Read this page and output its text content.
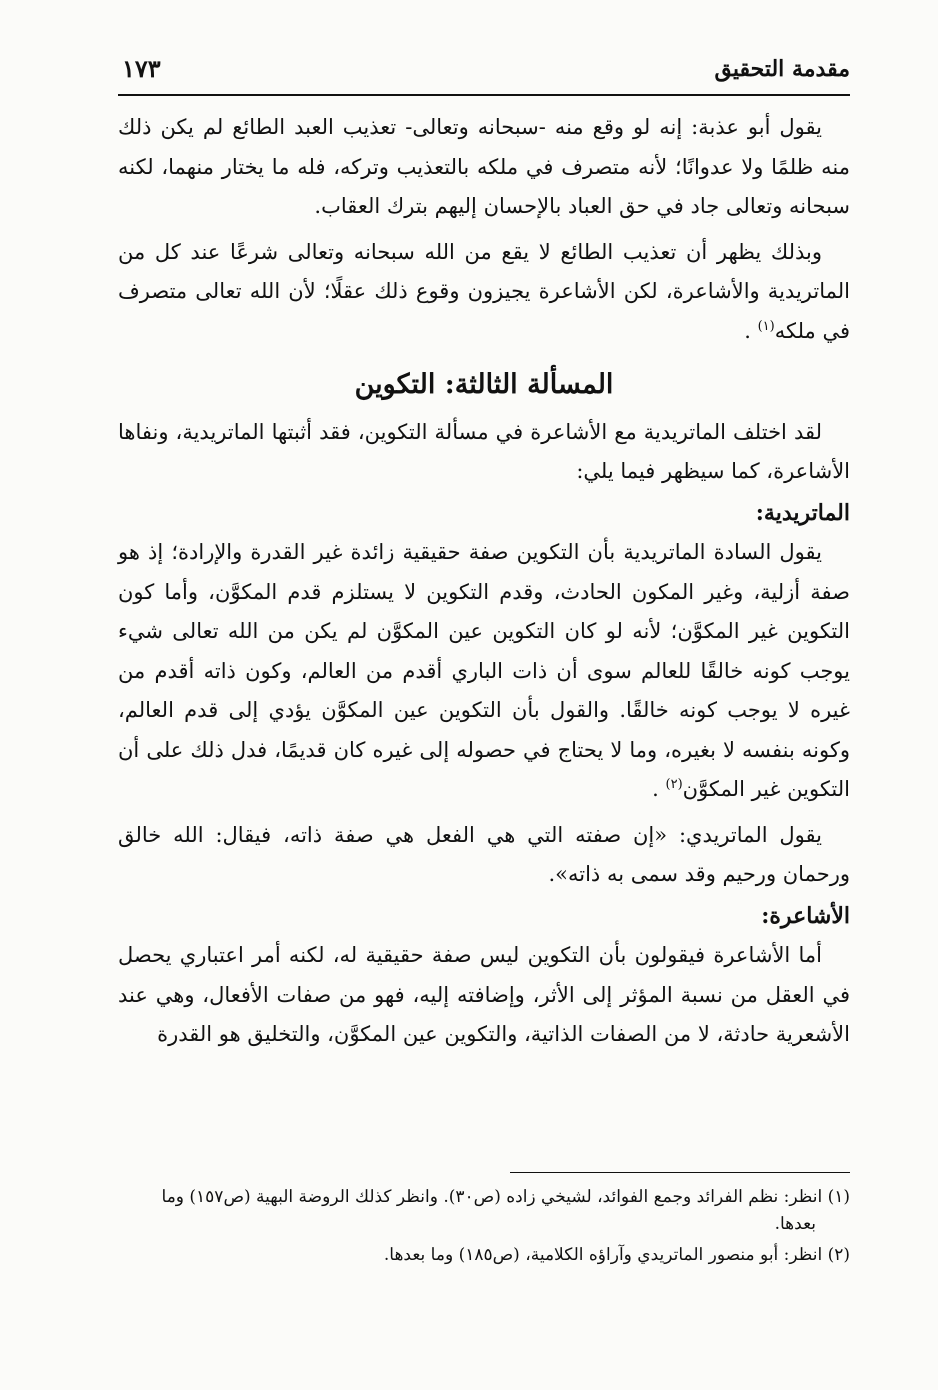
مقدمة التحقيق
١٧٣

يقول أبو عذبة: إنه لو وقع منه -سبحانه وتعالى- تعذيب العبد الطائع لم يكن ذلك منه ظلمًا ولا عدوانًا؛ لأنه متصرف في ملكه بالتعذيب وتركه، فله ما يختار منهما، لكنه سبحانه وتعالى جاد في حق العباد بالإحسان إليهم بترك العقاب.

وبذلك يظهر أن تعذيب الطائع لا يقع من الله سبحانه وتعالى شرعًا عند كل من الماتريدية والأشاعرة، لكن الأشاعرة يجيزون وقوع ذلك عقلًا؛ لأن الله تعالى متصرف في ملكه$^{(١)}$ .

المسألة الثالثة: التكوين

لقد اختلف الماتريدية مع الأشاعرة في مسألة التكوين، فقد أثبتها الماتريدية، ونفاها الأشاعرة، كما سيظهر فيما يلي:

الماتريدية:

يقول السادة الماتريدية بأن التكوين صفة حقيقية زائدة غير القدرة والإرادة؛ إذ هو صفة أزلية، وغير المكون الحادث، وقدم التكوين لا يستلزم قدم المكوَّن، وأما كون التكوين غير المكوَّن؛ لأنه لو كان التكوين عين المكوَّن لم يكن من الله تعالى شيء يوجب كونه خالقًا للعالم سوى أن ذات الباري أقدم من العالم، وكون ذاته أقدم من غيره لا يوجب كونه خالقًا. والقول بأن التكوين عين المكوَّن يؤدي إلى قدم العالم، وكونه بنفسه لا بغيره، وما لا يحتاج في حصوله إلى غيره كان قديمًا، فدل ذلك على أن التكوين غير المكوَّن$^{(٢)}$ .

يقول الماتريدي: «إن صفته التي هي الفعل هي صفة ذاته، فيقال: الله خالق ورحمان ورحيم وقد سمى به ذاته».

الأشاعرة:

أما الأشاعرة فيقولون بأن التكوين ليس صفة حقيقية له، لكنه أمر اعتباري يحصل في العقل من نسبة المؤثر إلى الأثر، وإضافته إليه، فهو من صفات الأفعال، وهي عند الأشعرية حادثة، لا من الصفات الذاتية، والتكوين عين المكوَّن، والتخليق هو القدرة

(١) انظر: نظم الفرائد وجمع الفوائد، لشيخي زاده (ص٣٠). وانظر كذلك الروضة البهية (ص١٥٧) وما بعدها.

(٢) انظر: أبو منصور الماتريدي وآراؤه الكلامية، (ص١٨٥) وما بعدها.
